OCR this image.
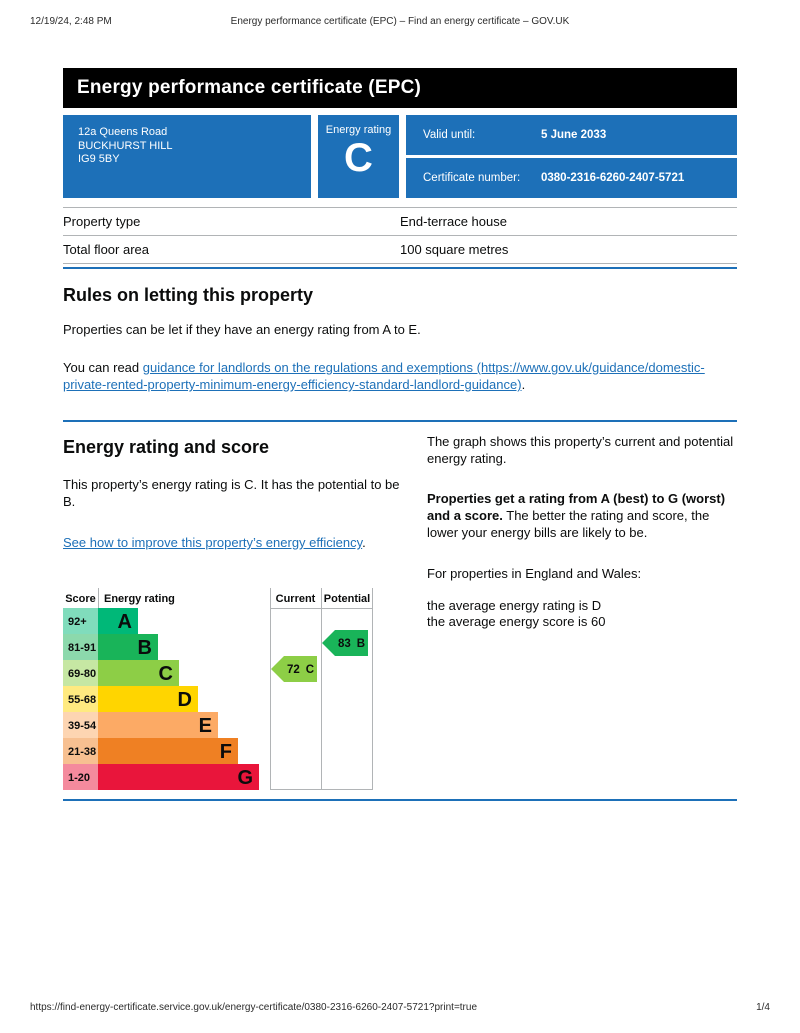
12/19/24, 2:48 PM	Energy performance certificate (EPC) – Find an energy certificate – GOV.UK
Energy performance certificate (EPC)
12a Queens Road
BUCKHURST HILL
IG9 5BY
Energy rating
C
Valid until:	5 June 2033
Certificate number: 0380-2316-6260-2407-5721
Property type	End-terrace house
Total floor area	100 square metres
Rules on letting this property

Properties can be let if they have an energy rating from A to E.

You can read guidance for landlords on the regulations and exemptions (https://www.gov.uk/guidance/domestic-private-rented-property-minimum-energy-efficiency-standard-landlord-guidance).

Energy rating and score

This property’s energy rating is C. It has the potential to be B.

See how to improve this property’s energy efficiency.

The graph shows this property’s current and potential energy rating.

Properties get a rating from A (best) to G (worst) and a score. The better the rating and score, the lower your energy bills are likely to be.

For properties in England and Wales:

the average energy rating is D
the average energy score is 60
Score Energy rating	Current Potential
92+ A
81-91 B
69-80	C
55-68	D
39-54	E
21-38	F
1-20	G
72 C
83 B
https://find-energy-certificate.service.gov.uk/energy-certificate/0380-2316-6260-2407-5721?print=true	1/4
